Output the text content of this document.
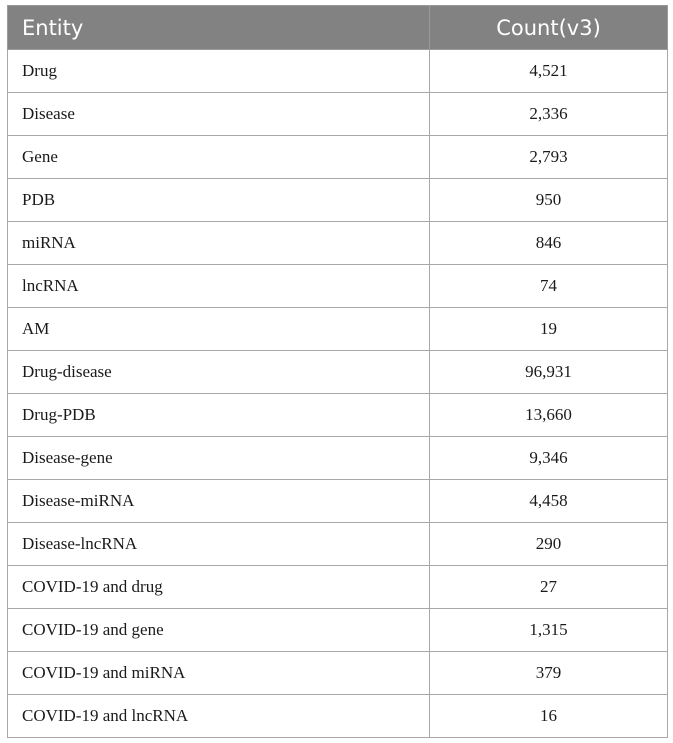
Entity	Count(v3)
Drug	4,521
Disease	2,336
Gene	2,793
PDB	950
miRNA	846
lncRNA	74
AM	19
Drug-disease	96,931
Drug-PDB	13,660
Disease-gene	9,346
Disease-miRNA	4,458
Disease-lncRNA	290
COVID-19 and drug	27
COVID-19 and gene	1,315
COVID-19 and miRNA	379
COVID-19 and lncRNA	16
